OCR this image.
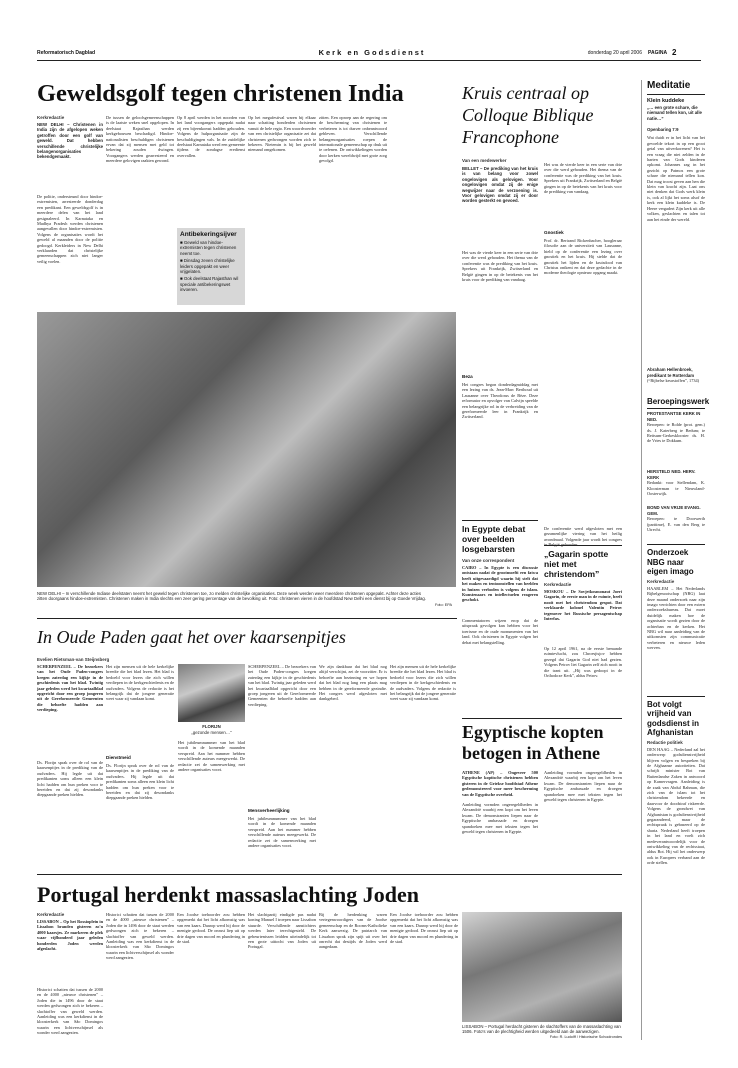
Reformatorisch Dagblad	Kerk en Godsdienst	donderdag 20 april 2006 PAGINA 2
Geweldsgolf tegen christenen India
Kerkredactie
NEW DELHI – Christenen in India zijn de afgelopen weken getroffen door een golf van geweld. Dat hebben verschillende christelijke belangenorganisaties bekendgemaakt.
De politie, ondersteund door hindoe-extremisten, arresteerde donderdag een predikant. Een geweldsgolf is in meerdere delen van het land gesignaleerd. In Karnataka en Madhya Pradesh werden christenen aangevallen door hindoe-extremisten. Volgens de organisaties wordt het geweld al maanden door de politie gedoogd. Kerkleiders in New Delhi verklaarden dat christelijke gemeenschappen zich niet langer veilig voelen.
De tussen de geloofsgemeenschappen is de laatste weken snel opgelopen. In deelstaat Rajasthan werden kerkgebouwen beschadigd. Hindoe-nationalisten beschuldigen christenen ervan dat zij mensen met geld tot bekering zouden dwingen. Voorgangers werden gearresteerd en meerdere gelovigen raakten gewond.
Op 8 april werden in het noorden van het land voorgangers opgepakt nadat zij een bijeenkomst hadden gehouden. Volgens de hulporganisatie zijn de beschuldigingen vals. In de zuidelijke deelstaat Karnataka werd een gemeente tijdens de zondagse eredienst overvallen.
Antibekeringsijver
■ Geweld van hindoe-extremisten tegen christenen neemt toe.
■ Dinsdag zeven christelijke leiders opgepakt en weer vrijgelaten.
■ Ook deelstaat Rajasthan wil speciale antibekeringswet invoeren.
Op het megafestival waren bij elkaar naar schatting honderden christenen vanuit de hele regio. Een woordvoerder van een christelijke organisatie zei dat christenen gedwongen worden zich te bekeren. Nietemin is bij het geweld niemand omgekomen.
zitten. Een oproep aan de regering om de bescherming van christenen te verbeteren is tot dusver onbeantwoord gebleven. Verschillende belangenorganisaties roepen de internationale gemeenschap op druk uit te oefenen. De ontwikkelingen worden door kerken wereldwijd met grote zorg gevolgd.
NEW DELHI – In verschillende Indiase deelstaten neemt het geweld tegen christenen toe, zo melden christelijke organisaties. Deze week werden weer meerdere christenen opgepakt. Achter deze acties zitten doorgaans hindoe-extremisten. Christenen maken in India slechts een zeer gering percentage van de bevolking uit. Foto: christenen vieren in de hoofdstad New Delhi een dienst bij op Goede Vrijdag.
Foto: EPA
Kruis centraal op Colloque Biblique Francophone
Van een medewerker
BELLET – De prediking van het kruis is van belang voor zowel ongelovigen als gelovigen. Voor ongelovigen omdat zij de enige wegwijzer naar de verzoening is. Voor gelovigen omdat zij er door worden gesterkt en gevoed.
Het was de vierde keer in een serie van drie over die werd gehouden. Het thema van de conferentie was de prediking van het kruis. Sprekers uit Frankrijk, Zwitserland en België gingen in op de betekenis van het kruis voor de prediking van vandaag.
Gnostiek
Prof. dr. Bertrand Rickenbacher, hoogleraar filosofie aan de universiteit van Lausanne, hield op de conferentie een lezing over gnostiek en het kruis. Hij stelde dat de gnostiek het lijden en de kruisdood van Christus ontkent en dat deze gedachte in de moderne theologie opnieuw opgang maakt.
Het was de vierde keer in een serie van drie over die werd gehouden. Het thema van de conferentie was de prediking van het kruis. Sprekers uit Frankrijk, Zwitserland en België gingen in op de betekenis van het kruis voor de prediking van vandaag.
Beza
Het congres begon donderdagmiddag met een lezing van ds. Jean-Marc Berthoud uit Lausanne over Theodorus de Bèze. Deze reformator en opvolger van Calvijn speelde een belangrijke rol in de verbreiding van de gereformeerde leer in Frankrijk en Zwitserland.
De conferentie werd afgesloten met een gezamenlijke viering van het heilig avondmaal. Volgende jaar wordt het congres
In Egypte debat over beelden losgebarsten
Van onze correspondent
CAIRO – In Egypte is een discussie ontstaan nadat de grootmoefti een fatwa heeft uitgevaardigd waarin hij stelt dat het maken en tentoonstellen van beelden in huizen verboden is volgens de islam. Kunstenaars en intellectuelen reageren geschokt.
Commentatoren wijzen erop dat de uitspraak gevolgen kan hebben voor het toerisme en de oude monumenten van het land. Ook christenen in Egypte volgen het debat met belangstelling.
„Gagarin spotte niet met christendom”
Kerkredactie
MOSKOU – De Sovjetkosmonaut Joeri Gagarin, de eerste man in de ruimte, heeft nooit met het christendom gespot. Dat verklaarde kolonel Valentin Petrov tegenover het Russische persagentschap Interfax.
Op 12 april 1961, na de eerste bemande ruimtevlucht, zou Chroesjtsjov hebben gezegd dat Gagarin God niet had gezien. Volgens Petrov liet Gagarin zelf zich nooit in die trant uit. „Hij was gedoopt in de Orthodoxe Kerk”, aldus Petrov.
In Oude Paden gaat het over kaarsenpitjes
Evelien Rietsman-van Steijnsberg
SCHERPENZEEL – De bezoekers van het Oude Paden-congres kregen zaterdag een kijkje in de geschiedenis van het blad. Twintig jaar geleden werd het kwartaalblad opgericht door een groep jongeren uit de Gereformeerde Gemeenten die behoefte hadden aan verdieping.
Ds. Florijn sprak over de rol van de kaarsenpitjes in de prediking van de oudvaders. Hij legde uit dat predikanten soms alleen een klein licht hadden om hun preken voor te bereiden en dat zij desondanks diepgaande preken hielden.
Het zijn mensen uit de hele kerkelijke breedte die het blad lezen. Het blad is bedoeld voor lezers die zich willen verdiepen in de kerkgeschiedenis en de oudvaders. Volgens de redactie is het belangrijk dat de jongere generatie weet waar zij vandaan komt.
Dienstmeid
Ds. Florijn sprak over de rol van de kaarsenpitjes in de prediking van de oudvaders. Hij legde uit dat predikanten soms alleen een klein licht hadden om hun preken voor te bereiden en dat zij desondanks diepgaande preken hielden.
FLORIJN
„gezonde mensen…”
Het jubileumnummer van het blad wordt in de komende maanden verspreid. Aan het nummer hebben verschillende auteurs meegewerkt. De redactie zet de samenwerking met andere organisaties voort.
Mensverheerlijking
SCHERPENZEEL – De bezoekers van het Oude Paden-congres kregen zaterdag een kijkje in de geschiedenis van het blad. Twintig jaar geleden werd het kwartaalblad opgericht door een groep jongeren uit de Gereformeerde Gemeenten die behoefte hadden aan verdieping.
Het jubileumnummer van het blad wordt in de komende maanden verspreid. Aan het nummer hebben verschillende auteurs meegewerkt. De redactie zet de samenwerking met andere organisaties voort.
We zijn dankbaar dat het blad nog altijd verschijnt, zei de voorzitter. Er is behoefte aan bezinning en we hopen dat het blad nog lang een plaats mag hebben in de gereformeerde gezindte. Het congres werd afgesloten met dankgebed.
Het zijn mensen uit de hele kerkelijke breedte die het blad lezen. Het blad is bedoeld voor lezers die zich willen verdiepen in de kerkgeschiedenis en de oudvaders. Volgens de redactie is het belangrijk dat de jongere generatie weet waar zij vandaan komt.
Egyptische kopten betogen in Athene
ATHENE (AP) – Ongeveer 500 Egyptische koptische christenen hebben gisteren in de Griekse hoofdstad Athene gedemonstreerd voor meer bescherming van de Egyptische overheid.
Aanleiding vormden ongeregeldheden in Alexandrië waarbij een kopt om het leven kwam. De demonstranten liepen naar de Egyptische ambassade en droegen spandoeken mee met teksten tegen het geweld tegen christenen in Egypte.
Aanleiding vormden ongeregeldheden in Alexandrië waarbij een kopt om het leven kwam. De demonstranten liepen naar de Egyptische ambassade en droegen spandoeken mee met teksten tegen het geweld tegen christenen in Egypte.
Portugal herdenkt massaslachting Joden
Kerkredactie
LISSABON – Op het Rossioplein in Lissabon branden gisteren zo'n 4000 kaarsjes. Ze markeren de plek waar vijfhonderd jaar geleden honderden Joden werden afgeslacht.
Historici schatten dat tussen de 2000 en de 4000 „nieuwe christenen” – Joden die in 1496 door de staat werden gedwongen zich te bekeren – slachtoffer van geweld werden. Aanleiding was een kerkdienst in de kloosterkerk van São Domingos waarin een lichtverschijnsel als wonder werd aangezien.
Historici schatten dat tussen de 2000 en de 4000 „nieuwe christenen” – Joden die in 1496 door de staat werden gedwongen zich te bekeren – slachtoffer van geweld werden. Aanleiding was een kerkdienst in de kloosterkerk van São Domingos waarin een lichtverschijnsel als wonder werd aangezien.
Een Joodse toehoorder zou hebben opgemerkt dat het licht afkomstig was van een kaars. Daarop werd hij door de menigte gedood. De onrust liep uit op drie dagen van moord en plundering in de stad.
Het slachtpartij eindigde pas nadat koning Manuel I troepen naar Lissabon stuurde. Verschillende aanstichters werden later terechtgesteld. De gebeurtenissen leidden uiteindelijk tot een grote uittocht van Joden uit Portugal.
Bij de herdenking waren vertegenwoordigers van de Joodse gemeenschap en de Rooms-Katholieke Kerk aanwezig. De patriarch van Lissabon sprak zijn spijt uit over het onrecht dat destijds de Joden werd aangedaan.
Een Joodse toehoorder zou hebben opgemerkt dat het licht afkomstig was van een kaars. Daarop werd hij door de menigte gedood. De onrust liep uit op drie dagen van moord en plundering in de stad.
LISSABON – Portugal herdacht gisteren de slachtoffers van de massaslachting van 1506. Foto's van de plechtigheid werden uitgedeeld aan de aanwezigen.
Foto: R. Ludolff / Historische Schoolrondes
Meditatie
Klein kuddeke
„… een grote schare, die niemand tellen kon, uit alle natie…”
Openbaring 7:9
Wat duidt er in het licht van het gevoelde tekort in op een groot getal van uitverkorenen? Het is een vraag die niet zelden in de harten van Gods kinderen opkomt. Johannes zag in het gezicht op Patmos een grote schare die niemand tellen kon. Dat mag troost geven aan hen die klein van kracht zijn. Laat ons niet denken dat Gods werk klein is, ook al lijkt het soms alsof de kerk een klein kuddeke is. De Heere vergadert Zijn kerk uit alle volken, geslachten en talen tot aan het einde der wereld.
Abraham Hellenbroek, predikant te Rotterdam
(“Bijbelse keurstoffen”, 1734)
Beroepingswerk
PROTESTANTSE KERK IN NED.
Beroepen: te Rolde (prot. gem.) ds. J. Katerberg te Bedum; te Reitsum-Gerkesklooster ds. H. de Vries te Dokkum.
HERSTELD NED. HERV. KERK
Bedankt: voor Stellendam, K. Kloosterman te Nieuwland-Oosterwijk.
BOND VAN VRIJE EVANG. GEM.
Beroepen: te Doorwerth (parttime), E. van den Berg te Utrecht.
Onderzoek NBG naar eigen imago
Kerkredactie
HAARLEM – Het Nederlands Bijbelgenootschap (NBG) laat deze maand onderzoek naar zijn imago verrichten door een extern onderzoeksbureau. Dat moet duidelijk maken hoe de organisatie wordt gezien door de achterban en de kerken. Het NBG wil naar aanleiding van de uitkomsten zijn communicatie verbeteren en nieuwe leden werven.
Bot volgt vrijheid van godsdienst in Afghanistan
Redactie politiek
DEN HAAG – Nederland zal het onderwerp godsdienstvrijheid blijven volgen en bespreken bij de Afghaanse autoriteiten. Dat schrijft minister Bot van Buitenlandse Zaken in antwoord op Kamervragen. Aanleiding is de zaak van Abdul Rahman, die zich van de islam tot het christendom bekeerde en daarvoor de doodstraf riskeerde. Volgens de grondwet van Afghanistan is godsdienstvrijheid gegarandeerd, maar de rechtspraak is gebaseerd op de sharia. Nederland heeft troepen in het land en voelt zich medeverantwoordelijk voor de ontwikkeling van de rechtsstaat, aldus Bot. Hij wil het onderwerp ook in Europees verband aan de orde stellen.
